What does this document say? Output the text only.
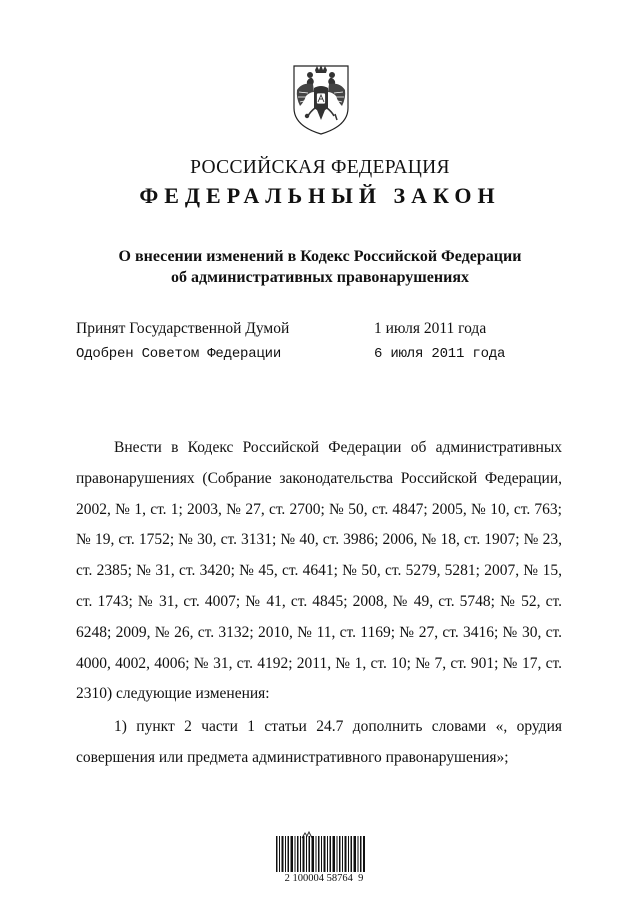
РОССИЙСКАЯ ФЕДЕРАЦИЯ
ФЕДЕРАЛЬНЫЙ ЗАКОН
О внесении изменений в Кодекс Российской Федерации
об административных правонарушениях
Принят Государственной Думой	1 июля 2011 года
Одобрен Советом Федерации	6 июля 2011 года

Внести в Кодекс Российской Федерации об административных правонарушениях (Собрание законодательства Российской Федерации, 2002, № 1, ст. 1; 2003, № 27, ст. 2700; № 50, ст. 4847; 2005, № 10, ст. 763; № 19, ст. 1752; № 30, ст. 3131; № 40, ст. 3986; 2006, № 18, ст. 1907; № 23, ст. 2385; № 31, ст. 3420; № 45, ст. 4641; № 50, ст. 5279, 5281; 2007, № 15, ст. 1743; № 31, ст. 4007; № 41, ст. 4845; 2008, № 49, ст. 5748; № 52, ст. 6248; 2009, № 26, ст. 3132; 2010, № 11, ст. 1169; № 27, ст. 3416; № 30, ст. 4000, 4002, 4006; № 31, ст. 4192; 2011, № 1, ст. 10; № 7, ст. 901; № 17, ст. 2310) следующие изменения:

1) пункт 2 части 1 статьи 24.7 дополнить словами «, орудия совершения или предмета административного правонарушения»;

2 100004 58764  9
